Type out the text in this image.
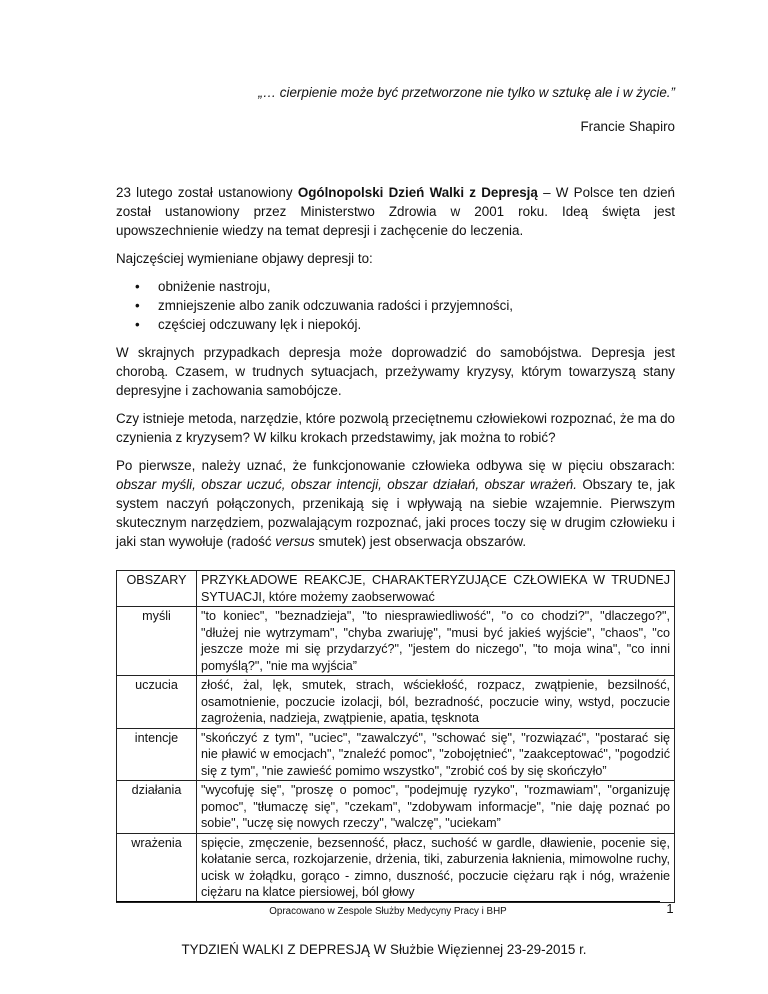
„… cierpienie może być przetworzone nie tylko w sztukę ale i w życie.”
Francie Shapiro

23 lutego został ustanowiony Ogólnopolski Dzień Walki z Depresją – W Polsce ten dzień został ustanowiony przez Ministerstwo Zdrowia w 2001 roku. Ideą święta jest upowszechnienie wiedzy na temat depresji i zachęcenie do leczenia.

Najczęściej wymieniane objawy depresji to:

• obniżenie nastroju,
• zmniejszenie albo zanik odczuwania radości i przyjemności,
• częściej odczuwany lęk i niepokój.

W skrajnych przypadkach depresja może doprowadzić do samobójstwa. Depresja jest chorobą. Czasem, w trudnych sytuacjach, przeżywamy kryzysy, którym towarzyszą stany depresyjne i zachowania samobójcze.

Czy istnieje metoda, narzędzie, które pozwolą przeciętnemu człowiekowi rozpoznać, że ma do czynienia z kryzysem? W kilku krokach przedstawimy, jak można to robić?

Po pierwsze, należy uznać, że funkcjonowanie człowieka odbywa się w pięciu obszarach: obszar myśli, obszar uczuć, obszar intencji, obszar działań, obszar wrażeń. Obszary te, jak system naczyń połączonych, przenikają się i wpływają na siebie wzajemnie. Pierwszym skutecznym narzędziem, pozwalającym rozpoznać, jaki proces toczy się w drugim człowieku i jaki stan wywołuje (radość versus smutek) jest obserwacja obszarów.

OBSZARY	PRZYKŁADOWE REAKCJE, CHARAKTERYZUJĄCE CZŁOWIEKA W TRUDNEJ SYTUACJI, które możemy zaobserwować
myśli	"to koniec", "beznadzieja", "to niesprawiedliwość", "o co chodzi?", "dlaczego?", "dłużej nie wytrzymam", "chyba zwariuję", "musi być jakieś wyjście", "chaos", "co jeszcze może mi się przydarzyć?", "jestem do niczego", "to moja wina", "co inni pomyślą?", "nie ma wyjścia”
uczucia	złość, żal, lęk, smutek, strach, wściekłość, rozpacz, zwątpienie, bezsilność, osamotnienie, poczucie izolacji, ból, bezradność, poczucie winy, wstyd, poczucie zagrożenia, nadzieja, zwątpienie, apatia, tęsknota
intencje	"skończyć z tym", "uciec", "zawalczyć", "schować się", "rozwiązać", "postarać się nie pławić w emocjach", "znaleźć pomoc", "zobojętnieć", "zaakceptować", "pogodzić się z tym", "nie zawieść pomimo wszystko", "zrobić coś by się skończyło”
działania	"wycofuję się", "proszę o pomoc", "podejmuję ryzyko", "rozmawiam", "organizuję pomoc", "tłumaczę się", "czekam", "zdobywam informacje", "nie daję poznać po sobie", "uczę się nowych rzeczy", "walczę", "uciekam”
wrażenia	spięcie, zmęczenie, bezsenność, płacz, suchość w gardle, dławienie, pocenie się, kołatanie serca, rozkojarzenie, drżenia, tiki, zaburzenia łaknienia, mimowolne ruchy, ucisk w żołądku, gorąco - zimno, duszność, poczucie ciężaru rąk i nóg, wrażenie ciężaru na klatce piersiowej, ból głowy
Opracowano w Zespole Służby Medycyny Pracy i BHP	1
TYDZIEŃ WALKI Z DEPRESJĄ W Służbie Więziennej 23-29-2015 r.
